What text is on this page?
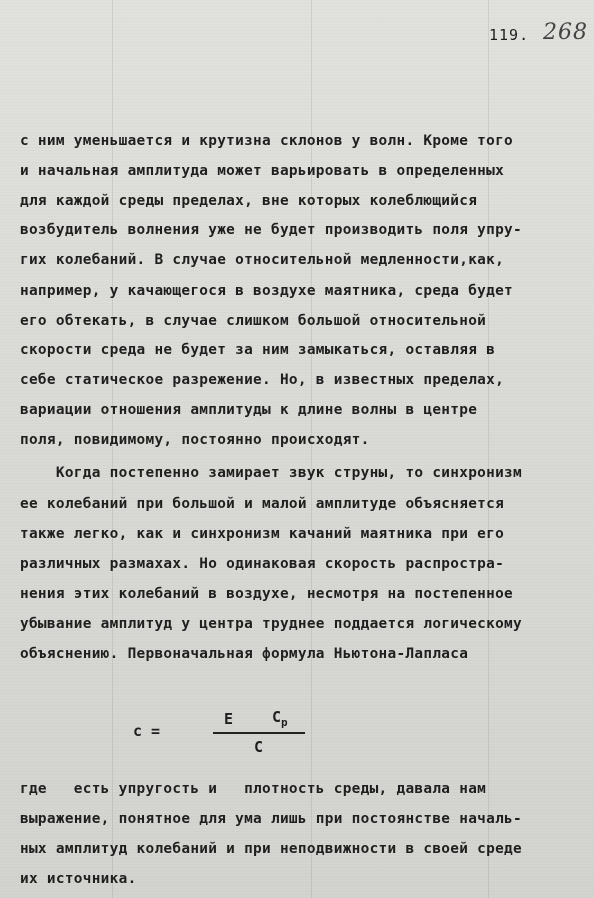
119. 268
с ним уменьшается и крутизна склонов у волн. Кроме того
и начальная амплитуда может варьировать в определенных
для каждой среды пределах, вне которых колеблющийся
возбудитель волнения уже не будет производить поля упру-
гих колебаний. В случае относительной медленности,как,
например, у качающегося в воздухе маятника, среда будет
его обтекать, в случае слишком большой относительной
скорости среда не будет за ним замыкаться, оставляя в
себе статическое разрежение. Но, в известных пределах,
вариации отношения амплитуды к длине волны в центре
поля, повидимому, постоянно происходят.
Когда постепенно замирает звук струны, то синхронизм
ее колебаний при большой и малой амплитуде объясняется
также легко, как и синхронизм качаний маятника при его
различных размахах. Но одинаковая скорость распростра-
нения этих колебаний в воздухе, несмотря на постепенное
убывание амплитуд у центра труднее поддается логическому
объяснению. Первоначальная формула Ньютона-Лапласа
c =
E	$C_p$
C
где   есть упругость и   плотность среды, давала нам
выражение, понятное для ума лишь при постоянстве началь-
ных амплитуд колебаний и при неподвижности в своей среде
их источника.
